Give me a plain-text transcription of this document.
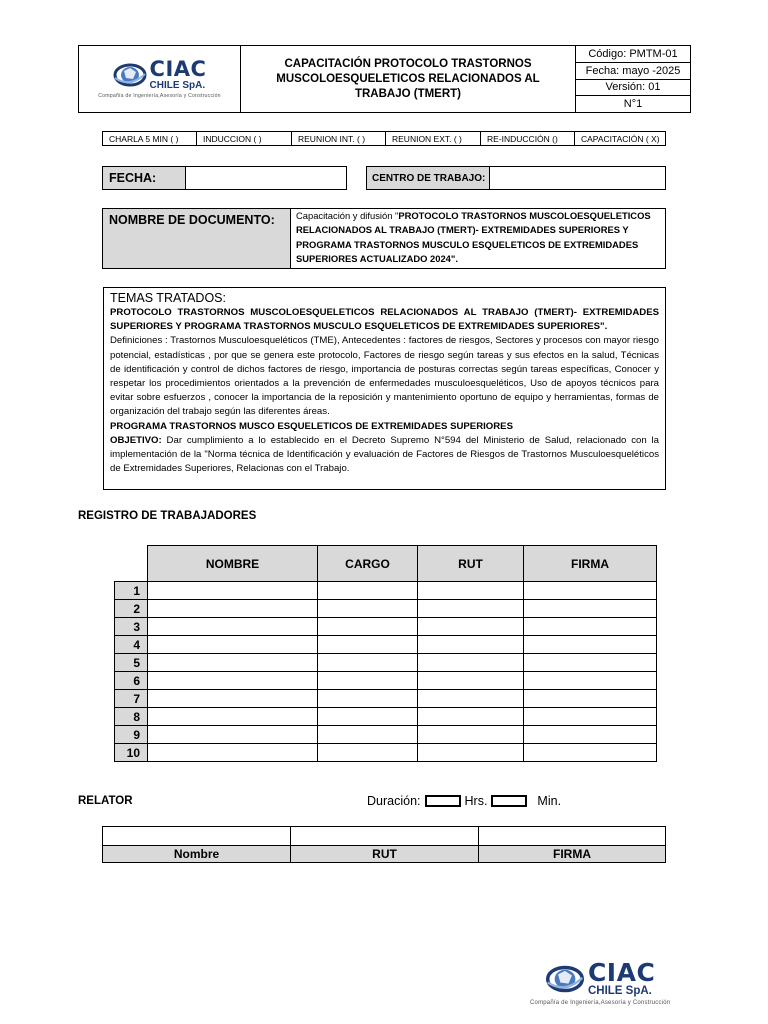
CIAC
CHILE SpA.
Compañía de Ingeniería,Asesoría y Construcción
CAPACITACIÓN PROTOCOLO TRASTORNOS MUSCOLOESQUELETICOS RELACIONADOS AL TRABAJO (TMERT)
Código: PMTM-01
Fecha: mayo -2025
Versión: 01
N°1
CHARLA 5 MIN ( )	INDUCCION ( )	REUNION INT. ( )	REUNION EXT. ( )	RE-INDUCCIÓN ()	CAPACITACIÓN ( X)
FECHA:	CENTRO DE TRABAJO:
NOMBRE DE DOCUMENTO:	Capacitación y difusión "PROTOCOLO TRASTORNOS MUSCOLOESQUELETICOS RELACIONADOS AL TRABAJO (TMERT)- EXTREMIDADES SUPERIORES Y PROGRAMA TRASTORNOS MUSCULO ESQUELETICOS DE EXTREMIDADES SUPERIORES ACTUALIZADO 2024".
TEMAS TRATADOS:
PROTOCOLO TRASTORNOS MUSCOLOESQUELETICOS RELACIONADOS AL TRABAJO (TMERT)- EXTREMIDADES SUPERIORES Y PROGRAMA TRASTORNOS MUSCULO ESQUELETICOS DE EXTREMIDADES SUPERIORES".
Definiciones : Trastornos Musculoesqueléticos (TME), Antecedentes : factores de riesgos, Sectores y procesos con mayor riesgo potencial, estadísticas , por que se genera este protocolo, Factores de riesgo según tareas y sus efectos en la salud, Técnicas de identificación y control de dichos factores de riesgo, importancia de posturas correctas según tareas específicas, Conocer y respetar los procedimientos orientados a la prevención de enfermedades musculoesqueléticos, Uso de apoyos técnicos para evitar sobre esfuerzos , conocer la importancia de la reposición y mantenimiento oportuno de equipo y herramientas, formas de organización del trabajo según las diferentes áreas.
PROGRAMA TRASTORNOS MUSCO ESQUELETICOS DE EXTREMIDADES SUPERIORES
OBJETIVO: Dar cumplimiento a lo establecido en el Decreto Supremo N°594 del Ministerio de Salud, relacionado con la implementación de la "Norma técnica de Identificación y evaluación de Factores de Riesgos de Trastornos Musculoesqueléticos de Extremidades Superiores, Relacionas con el Trabajo.
REGISTRO DE TRABAJADORES
	NOMBRE	CARGO	RUT	FIRMA
1				
2				
3				
4				
5				
6				
7				
8				
9				
10				
RELATOR	Duración:	Hrs.	Min.

Nombre	RUT	FIRMA
CIAC
CHILE SpA.
Compañía de Ingeniería,Asesoría y Construcción
